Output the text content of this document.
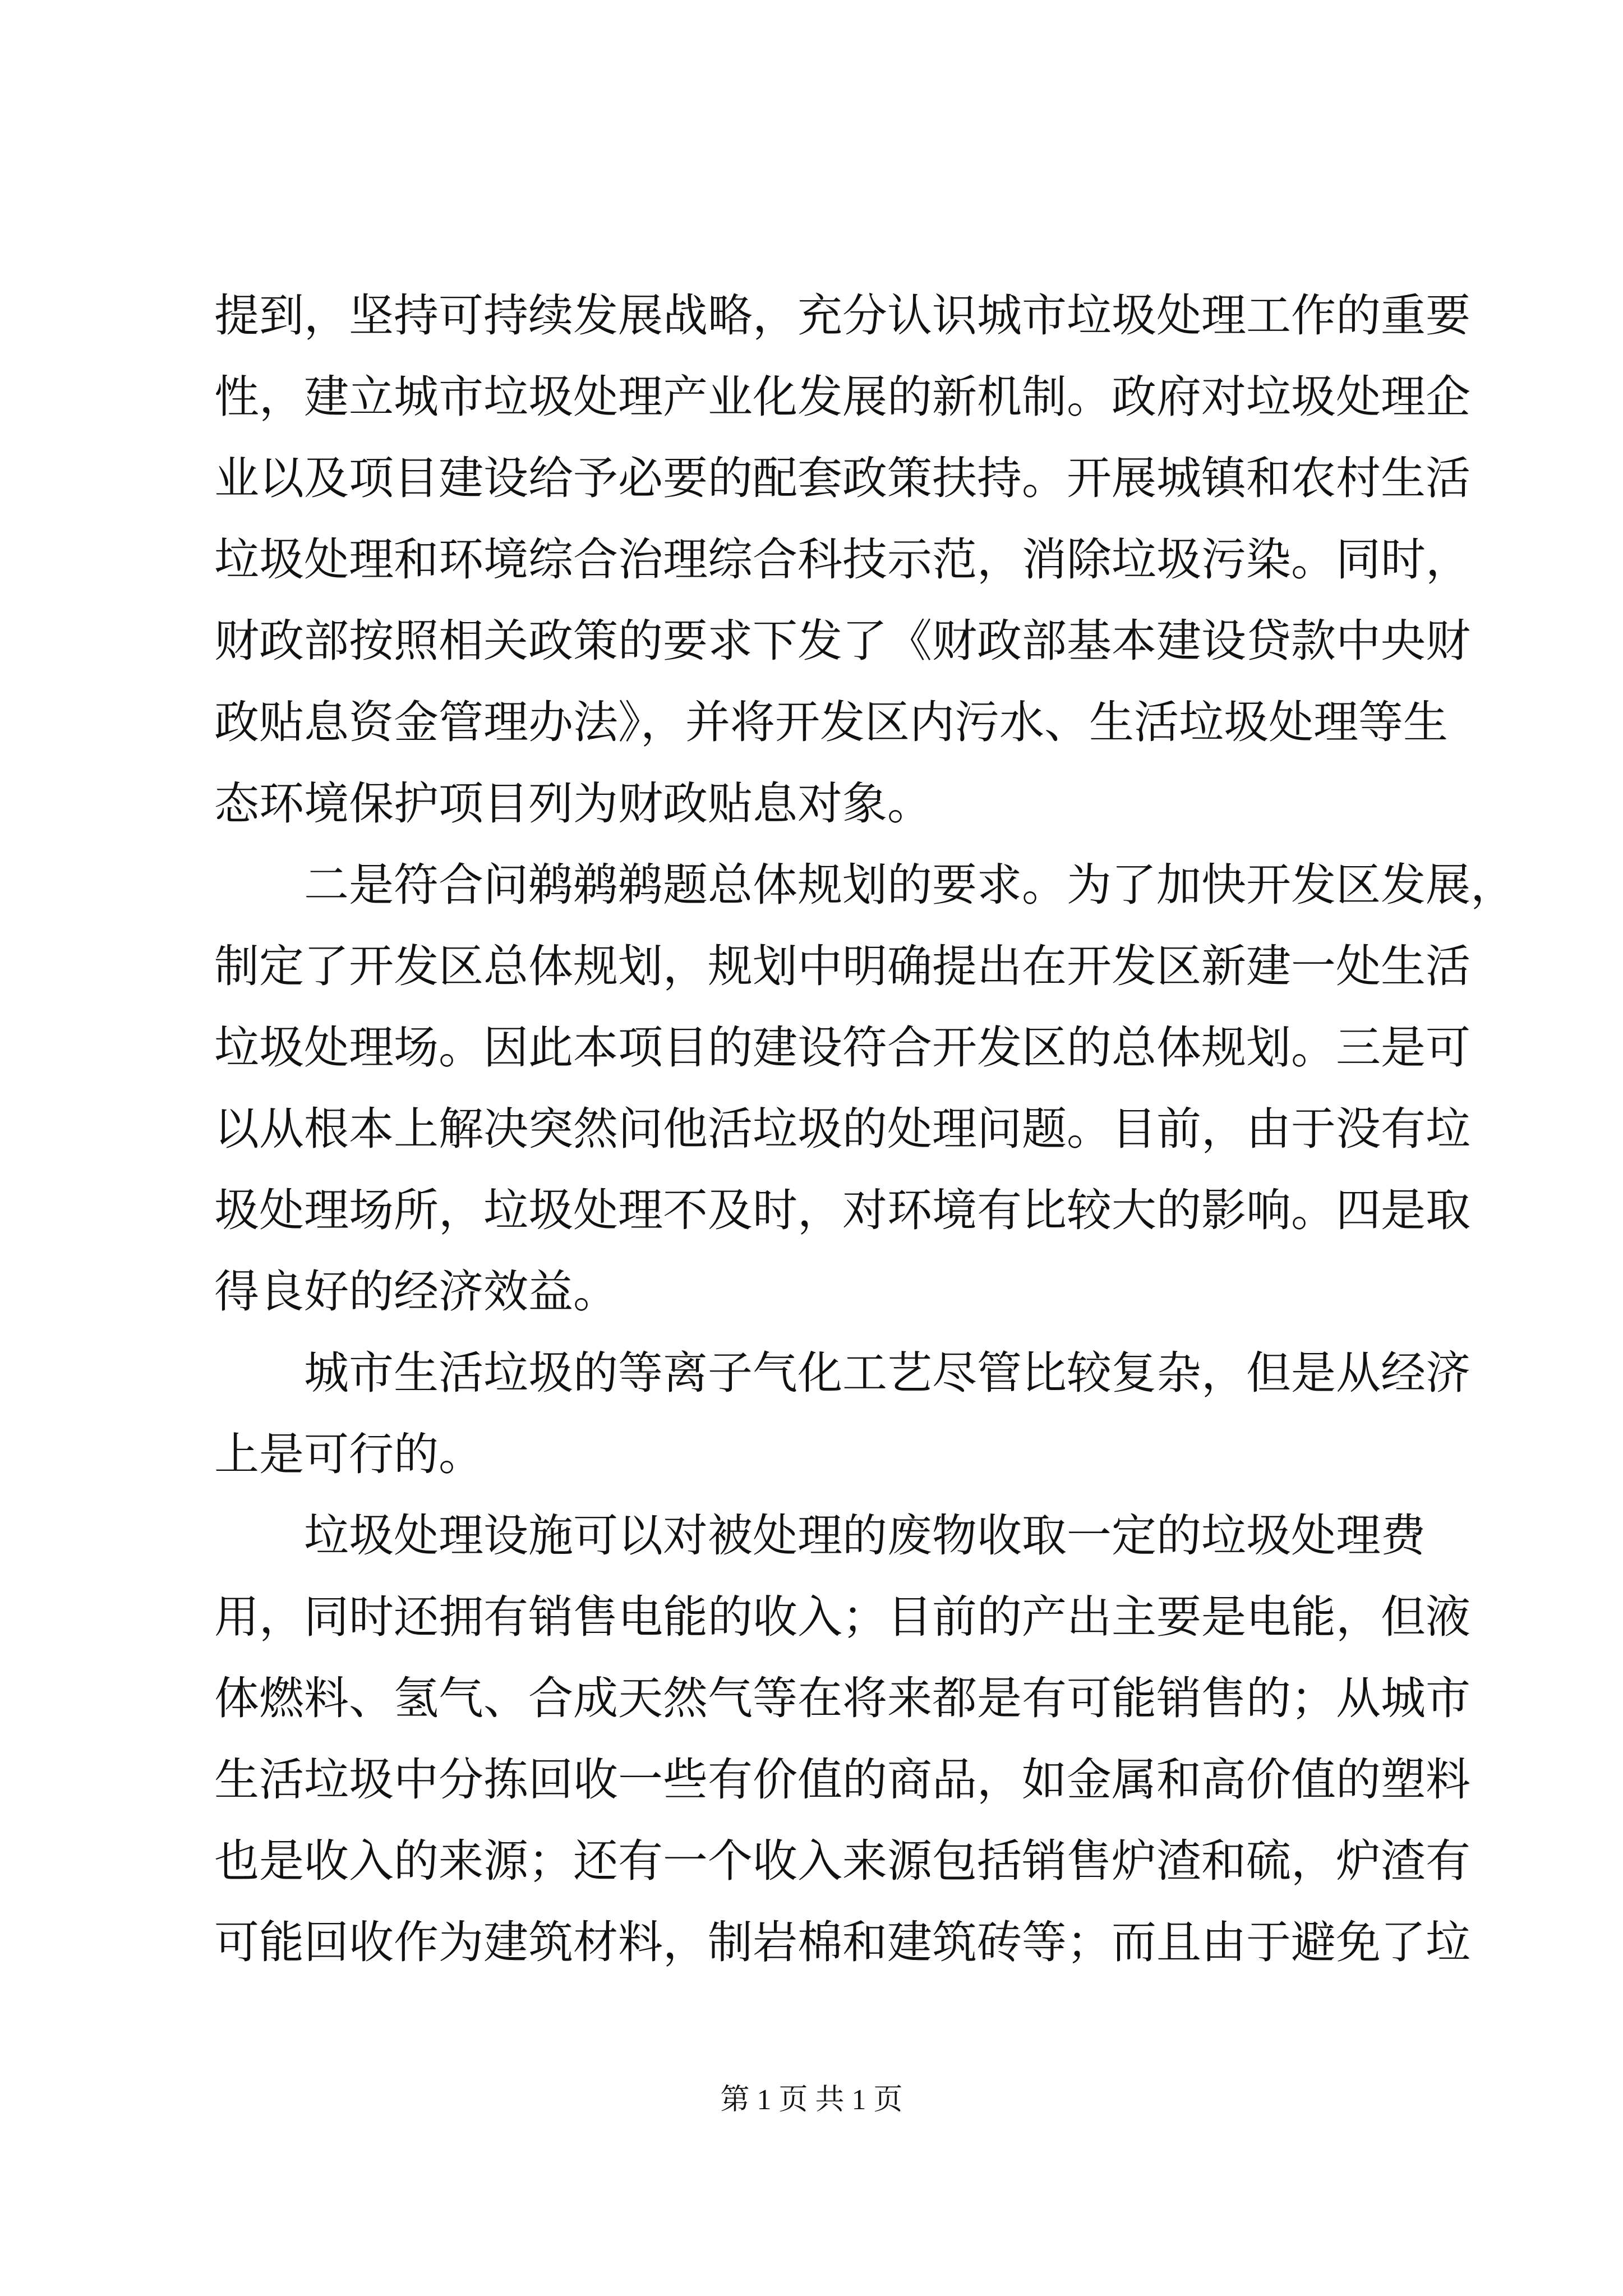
提到，坚持可持续发展战略，充分认识城市垃圾处理工作的重要
性，建立城市垃圾处理产业化发展的新机制。政府对垃圾处理企
业以及项目建设给予必要的配套政策扶持。开展城镇和农村生活
垃圾处理和环境综合治理综合科技示范，消除垃圾污染。同时，
财政部按照相关政策的要求下发了《财政部基本建设贷款中央财
政贴息资金管理办法》，并将开发区内污水、生活垃圾处理等生
态环境保护项目列为财政贴息对象。
二是符合问鹈鹈鹈题总体规划的要求。为了加快开发区发展，
制定了开发区总体规划，规划中明确提出在开发区新建一处生活
垃圾处理场。因此本项目的建设符合开发区的总体规划。三是可
以从根本上解决突然问他活垃圾的处理问题。目前，由于没有垃
圾处理场所，垃圾处理不及时，对环境有比较大的影响。四是取
得良好的经济效益。
城市生活垃圾的等离子气化工艺尽管比较复杂，但是从经济
上是可行的。
垃圾处理设施可以对被处理的废物收取一定的垃圾处理费
用，同时还拥有销售电能的收入；目前的产出主要是电能，但液
体燃料、氢气、合成天然气等在将来都是有可能销售的；从城市
生活垃圾中分拣回收一些有价值的商品，如金属和高价值的塑料
也是收入的来源；还有一个收入来源包括销售炉渣和硫，炉渣有
可能回收作为建筑材料，制岩棉和建筑砖等；而且由于避免了垃
第 1 页 共 1 页
